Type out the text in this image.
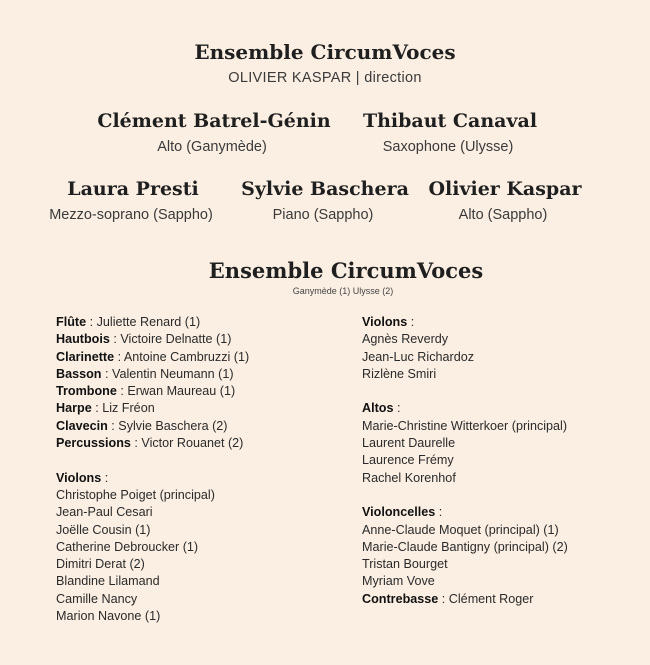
Ensemble CircumVoces
OLIVIER KASPAR | direction
Clément Batrel-Génin
Alto (Ganymède)
Thibaut Canaval
Saxophone (Ulysse)
Laura Presti
Mezzo-soprano (Sappho)
Sylvie Baschera
Piano (Sappho)
Olivier Kaspar
Alto (Sappho)
Ensemble CircumVoces
Ganymède (1) Ulysse (2)
Flûte : Juliette Renard (1)
Hautbois : Victoire Delnatte (1)
Clarinette : Antoine Cambruzzi (1)
Basson : Valentin Neumann (1)
Trombone : Erwan Maureau (1)
Harpe : Liz Fréon
Clavecin : Sylvie Baschera (2)
Percussions : Victor Rouanet (2)
Violons :
Christophe Poiget (principal)
Jean-Paul Cesari
Joëlle Cousin (1)
Catherine Debroucker (1)
Dimitri Derat (2)
Blandine Lilamand
Camille Nancy
Marion Navone (1)
Violons :
Agnès Reverdy
Jean-Luc Richardoz
Rizlène Smiri
Altos :
Marie-Christine Witterkoer (principal)
Laurent Daurelle
Laurence Frémy
Rachel Korenhof
Violoncelles :
Anne-Claude Moquet (principal) (1)
Marie-Claude Bantigny (principal) (2)
Tristan Bourget
Myriam Vove
Contrebasse : Clément Roger
